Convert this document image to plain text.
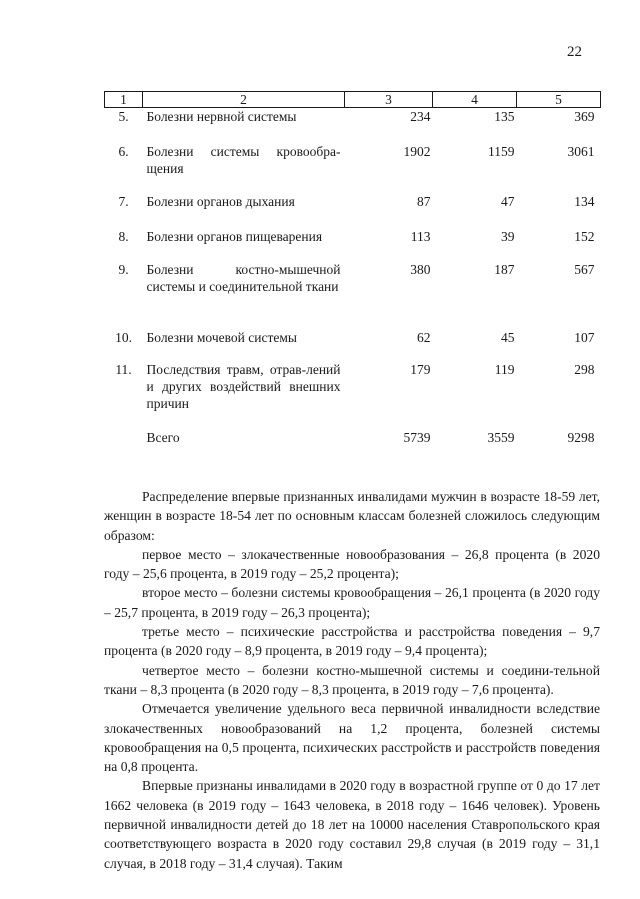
22
1	2	3	4	5
5.	Болезни нервной системы	234	135	369
6.	Болезни системы кровообра-щения	1902	1159	3061
7.	Болезни органов дыхания	87	47	134
8.	Болезни органов пищеварения	113	39	152
9.	Болезни костно-мышечной системы и соединительной ткани	380	187	567
10.	Болезни мочевой системы	62	45	107
11.	Последствия травм, отрав-лений и других воздействий внешних причин	179	119	298
	Всего	5739	3559	9298

Распределение впервые признанных инвалидами мужчин в возрасте 18-59 лет, женщин в возрасте 18-54 лет по основным классам болезней сложилось следующим образом:

первое место – злокачественные новообразования – 26,8 процента (в 2020 году – 25,6 процента, в 2019 году – 25,2 процента);

второе место – болезни системы кровообращения – 26,1 процента (в 2020 году – 25,7 процента, в 2019 году – 26,3 процента);

третье место – психические расстройства и расстройства поведения – 9,7 процента (в 2020 году – 8,9 процента, в 2019 году – 9,4 процента);

четвертое место – болезни костно-мышечной системы и соедини-тельной ткани – 8,3 процента (в 2020 году – 8,3 процента, в 2019 году – 7,6 процента).

Отмечается увеличение удельного веса первичной инвалидности вследствие злокачественных новообразований на 1,2 процента, болезней системы кровообращения на 0,5 процента, психических расстройств и расстройств поведения на 0,8 процента.

Впервые признаны инвалидами в 2020 году в возрастной группе от 0 до 17 лет 1662 человека (в 2019 году – 1643 человека, в 2018 году – 1646 человек). Уровень первичной инвалидности детей до 18 лет на 10000 населения Ставропольского края соответствующего возраста в 2020 году составил 29,8 случая (в 2019 году – 31,1 случая, в 2018 году – 31,4 случая). Таким
